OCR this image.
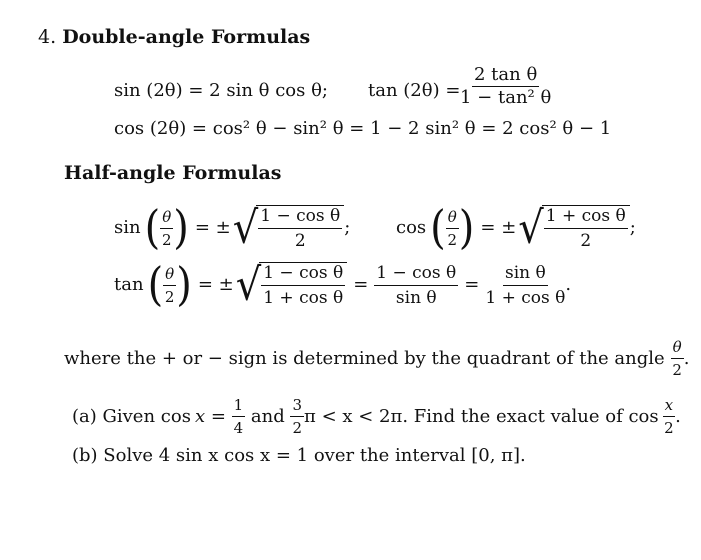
4. Double-angle Formulas
sin (2θ) = 2 sin θ cos θ; $\tan (2\theta) = \frac{\text{2 tan θ}}{\text{1 − tan² θ}}$
cos (2θ) = cos² θ − sin² θ = 1 − 2 sin² θ = 2 cos² θ − 1
Half-angle Formulas
sin ( $\frac{\theta}{2}$ ) = ± √
$\frac{\text{1 − cos θ}}{2}$ ;	cos ( $\frac{\theta}{2}$ ) = ± √
$\frac{\text{1 + cos θ}}{2}$ ;
tan ( $\frac{\theta}{2}$ ) = ± √
$\frac{\text{1 − cos θ}}{\text{1 + cos θ}} = \frac{\text{1 − cos θ}}{\text{sin θ}} = \frac{\text{sin θ}}{\text{1 + cos θ}}$ .
where the + or − sign is determined by the quadrant of the angle $\frac{\theta}{2}$ .
(a) Given $\cos x = \frac{1}{4}$ and $\frac{3}{2}$ π < x < 2π. Find the exact value of $\cos \frac{x}{2}$ .
(b) Solve 4 sin x cos x = 1 over the interval [0, π].
